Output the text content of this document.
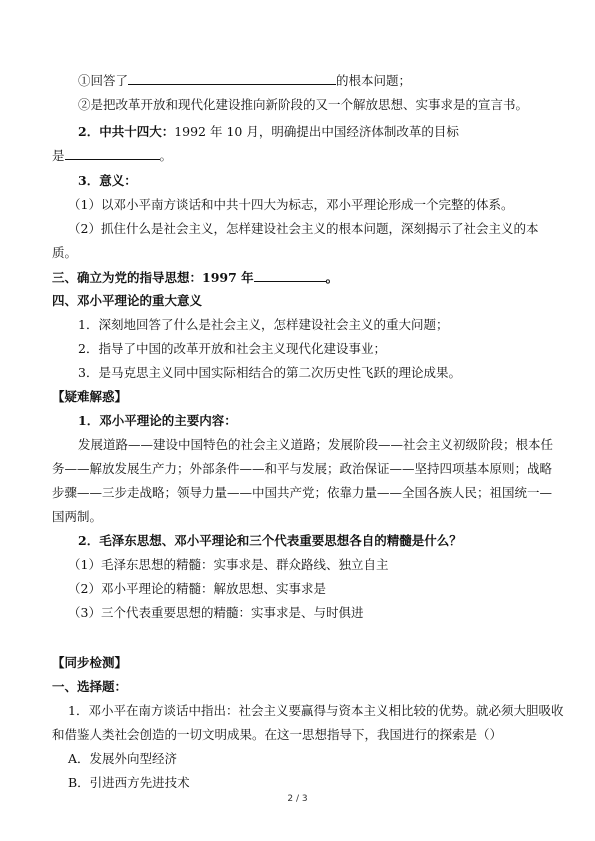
①回答了	的根本问题；
②是把改革开放和现代化建设推向新阶段的又一个解放思想、实事求是的宣言书。
2．中共十四大：1992 年 10 月，明确提出中国经济体制改革的目标
是	。
3．意义：
（1）以邓小平南方谈话和中共十四大为标志，邓小平理论形成一个完整的体系。
（2）抓住什么是社会主义，怎样建设社会主义的根本问题，深刻揭示了社会主义的本
质。
三、确立为党的指导思想：1997 年	。
四、邓小平理论的重大意义
1．深刻地回答了什么是社会主义，怎样建设社会主义的重大问题；
2．指导了中国的改革开放和社会主义现代化建设事业；
3．是马克思主义同中国实际相结合的第二次历史性飞跃的理论成果。
【疑难解惑】
1．邓小平理论的主要内容：
发展道路——建设中国特色的社会主义道路；发展阶段——社会主义初级阶段；根本任
务——解放发展生产力；外部条件——和平与发展；政治保证——坚持四项基本原则；战略
步骤——三步走战略；领导力量——中国共产党；依靠力量——全国各族人民；祖国统一—
国两制。
2．毛泽东思想、邓小平理论和三个代表重要思想各自的精髓是什么？
（1）毛泽东思想的精髓：实事求是、群众路线、独立自主
（2）邓小平理论的精髓：解放思想、实事求是
（3）三个代表重要思想的精髓：实事求是、与时俱进
【同步检测】
一、选择题：
1．邓小平在南方谈话中指出：社会主义要赢得与资本主义相比较的优势。就必须大胆吸收
和借鉴人类社会创造的一切文明成果。在这一思想指导下，我国进行的探索是（）
A．发展外向型经济
B．引进西方先进技术
2 / 3
